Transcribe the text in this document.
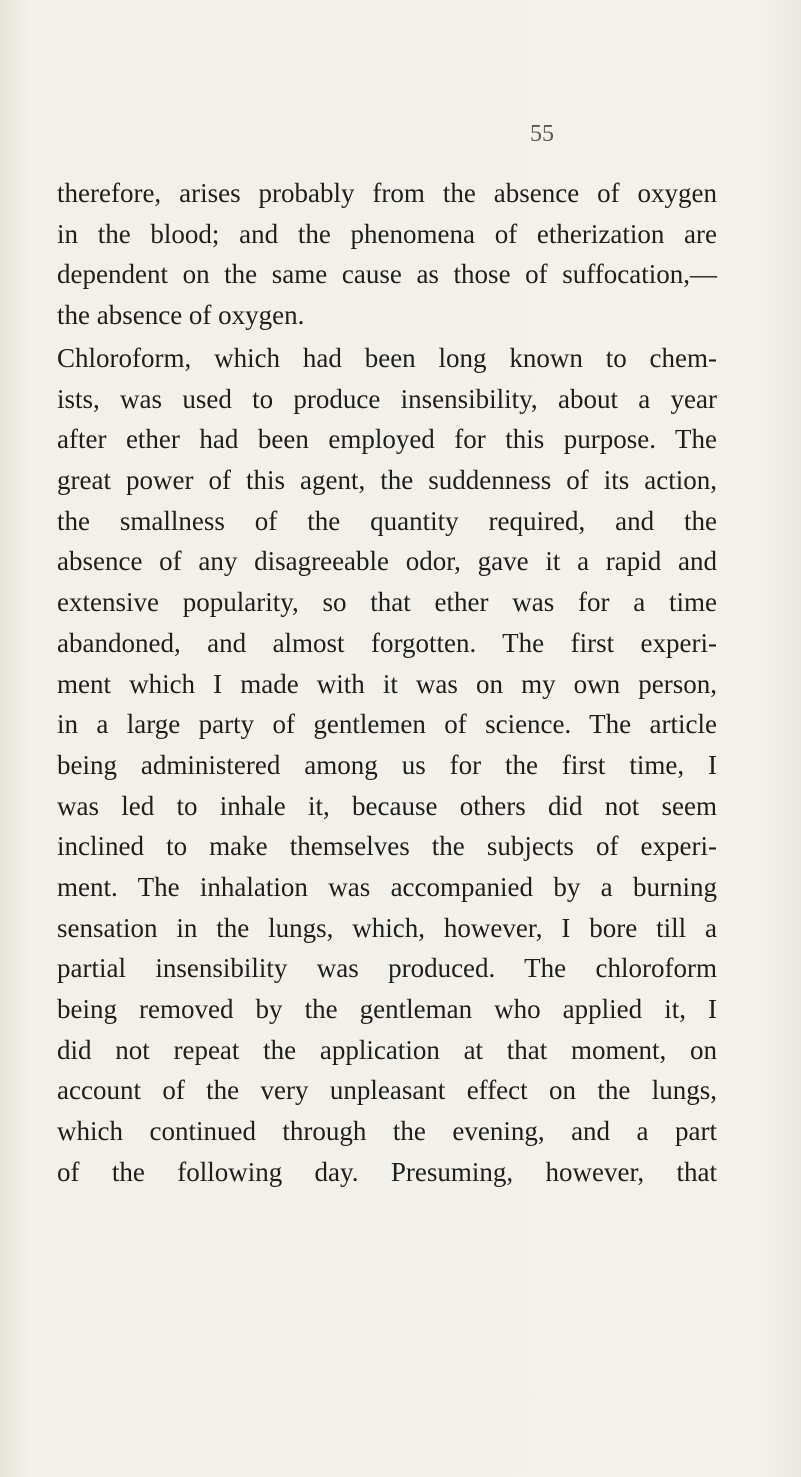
55
therefore, arises probably from the absence of oxygen
in the blood; and the phenomena of etherization are
dependent on the same cause as those of suffocation,—
the absence of oxygen.
Chloroform, which had been long known to chem-
ists, was used to produce insensibility, about a year
after ether had been employed for this purpose. The
great power of this agent, the suddenness of its action,
the smallness of the quantity required, and the
absence of any disagreeable odor, gave it a rapid and
extensive popularity, so that ether was for a time
abandoned, and almost forgotten. The first experi-
ment which I made with it was on my own person,
in a large party of gentlemen of science. The article
being administered among us for the first time, I
was led to inhale it, because others did not seem
inclined to make themselves the subjects of experi-
ment. The inhalation was accompanied by a burning
sensation in the lungs, which, however, I bore till a
partial insensibility was produced. The chloroform
being removed by the gentleman who applied it, I
did not repeat the application at that moment, on
account of the very unpleasant effect on the lungs,
which continued through the evening, and a part
of the following day. Presuming, however, that
